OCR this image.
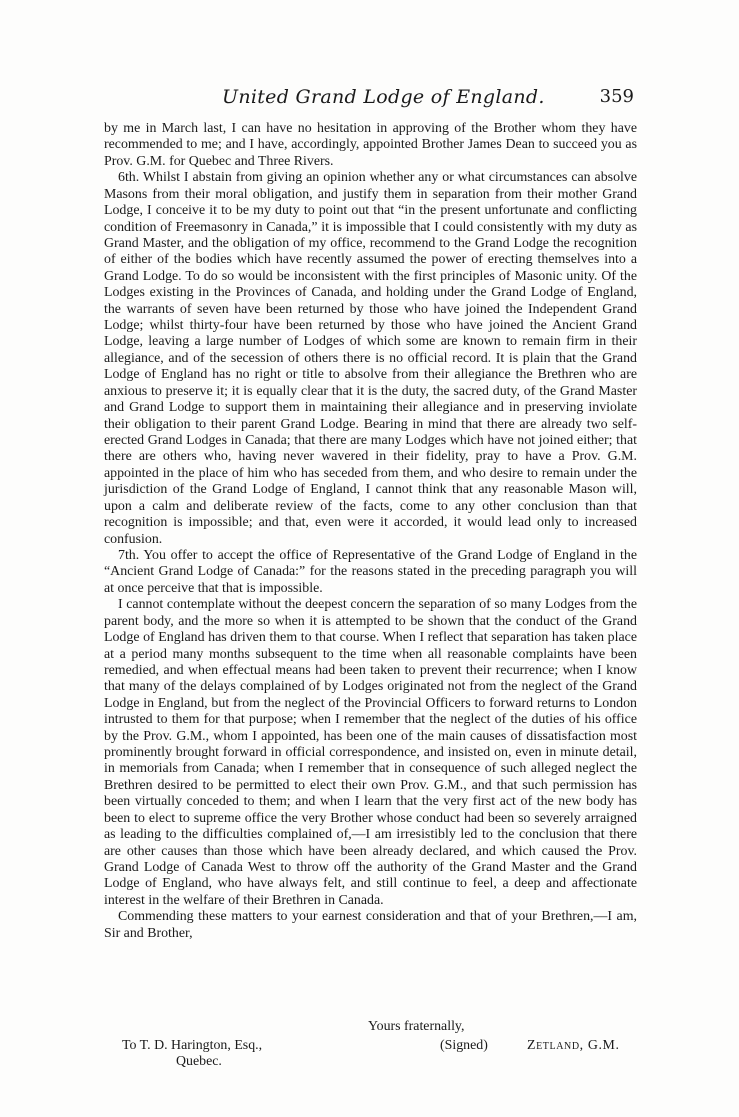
United Grand Lodge of England.	359

by me in March last, I can have no hesitation in approving of the Brother whom they have recommended to me; and I have, accordingly, appointed Brother James Dean to succeed you as Prov. G.M. for Quebec and Three Rivers.

6th. Whilst I abstain from giving an opinion whether any or what circumstances can absolve Masons from their moral obligation, and justify them in separation from their mother Grand Lodge, I conceive it to be my duty to point out that “in the present unfortunate and conflicting condition of Freemasonry in Canada,” it is impossible that I could consistently with my duty as Grand Master, and the obligation of my office, recommend to the Grand Lodge the recognition of either of the bodies which have recently assumed the power of erecting themselves into a Grand Lodge. To do so would be inconsistent with the first principles of Masonic unity. Of the Lodges existing in the Provinces of Canada, and holding under the Grand Lodge of England, the warrants of seven have been returned by those who have joined the Independent Grand Lodge; whilst thirty-four have been returned by those who have joined the Ancient Grand Lodge, leaving a large number of Lodges of which some are known to remain firm in their allegiance, and of the secession of others there is no official record. It is plain that the Grand Lodge of England has no right or title to absolve from their allegiance the Brethren who are anxious to preserve it; it is equally clear that it is the duty, the sacred duty, of the Grand Master and Grand Lodge to support them in maintaining their allegiance and in preserving inviolate their obligation to their parent Grand Lodge. Bearing in mind that there are already two self-erected Grand Lodges in Canada; that there are many Lodges which have not joined either; that there are others who, having never wavered in their fidelity, pray to have a Prov. G.M. appointed in the place of him who has seceded from them, and who desire to remain under the jurisdiction of the Grand Lodge of England, I cannot think that any reasonable Mason will, upon a calm and deliberate review of the facts, come to any other conclusion than that recognition is impossible; and that, even were it accorded, it would lead only to increased confusion.

7th. You offer to accept the office of Representative of the Grand Lodge of England in the “Ancient Grand Lodge of Canada:” for the reasons stated in the preceding paragraph you will at once perceive that that is impossible.

I cannot contemplate without the deepest concern the separation of so many Lodges from the parent body, and the more so when it is attempted to be shown that the conduct of the Grand Lodge of England has driven them to that course. When I reflect that separation has taken place at a period many months subsequent to the time when all reasonable complaints have been remedied, and when effectual means had been taken to prevent their recurrence; when I know that many of the delays complained of by Lodges originated not from the neglect of the Grand Lodge in England, but from the neglect of the Provincial Officers to forward returns to London intrusted to them for that purpose; when I remember that the neglect of the duties of his office by the Prov. G.M., whom I appointed, has been one of the main causes of dissatisfaction most prominently brought forward in official correspondence, and insisted on, even in minute detail, in memorials from Canada; when I remember that in consequence of such alleged neglect the Brethren desired to be permitted to elect their own Prov. G.M., and that such permission has been virtually conceded to them; and when I learn that the very first act of the new body has been to elect to supreme office the very Brother whose conduct had been so severely arraigned as leading to the difficulties complained of,—I am irresistibly led to the conclusion that there are other causes than those which have been already declared, and which caused the Prov. Grand Lodge of Canada West to throw off the authority of the Grand Master and the Grand Lodge of England, who have always felt, and still continue to feel, a deep and affectionate interest in the welfare of their Brethren in Canada.

Commending these matters to your earnest consideration and that of your Brethren,—I am, Sir and Brother,

Yours fraternally,
To T. D. Harington, Esq.,	(Signed)	Zetland, G.M.
Quebec.
